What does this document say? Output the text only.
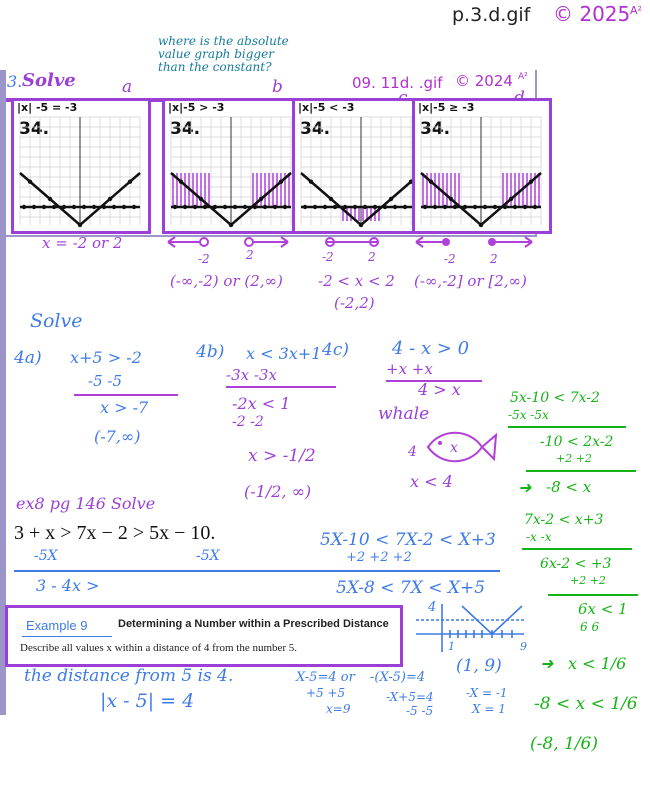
p.3.d.gif © 2025 A²
where is the absolute value graph bigger than the constant?
3. Solve	a	b	09. 11d. .gif © 2024 A²
|x| -5 = -3
34.
|x|-5 > -3
34.
|x|-5 < -3
34.
|x|-5 ≥ -3
34.
x = -2 or 2
-2	2	-2	2	-2	2
(-∞,-2) or (2,∞) -2 < x < 2
(-2,2)
(-∞,-2] or [2,∞)
Solve
4a) x+5 > -2
-5 -5
x > -7
(-7,∞)
4b) x < 3x+1
-3x -3x
-2x < 1
-2 -2
x > -1/2
(-1/2, ∞)
4c) 4 - x > 0
+x +x
4 > x
whale
4 x
x < 4
5x-10 < 7x-2
-5x -5x
-10 < 2x-2
+2 +2
➜ -8 < x
7x-2 < x+3
-x -x
6x-2 < +3
+2 +2
6x < 1
6 6
➜ x < 1/6
-8 < x < 1/6
(-8, 1/6)
ex8 pg 146 Solve
3 + x > 7x − 2 > 5x − 10.
-5X	-5X
3 - 4x >
5X-10 < 7X-2 < X+3
+2 +2 +2
5X-8 < 7X < X+5
Example 9	Determining a Number within a Prescribed Distance
Describe all values x within a distance of 4 from the number 5.
4
1	9
the distance from 5 is 4.
|x - 5| = 4
X-5=4 or
+5 +5
x=9
-(X-5)=4
-X+5=4
-5 -5
(1, 9)
-X = -1
X = 1
